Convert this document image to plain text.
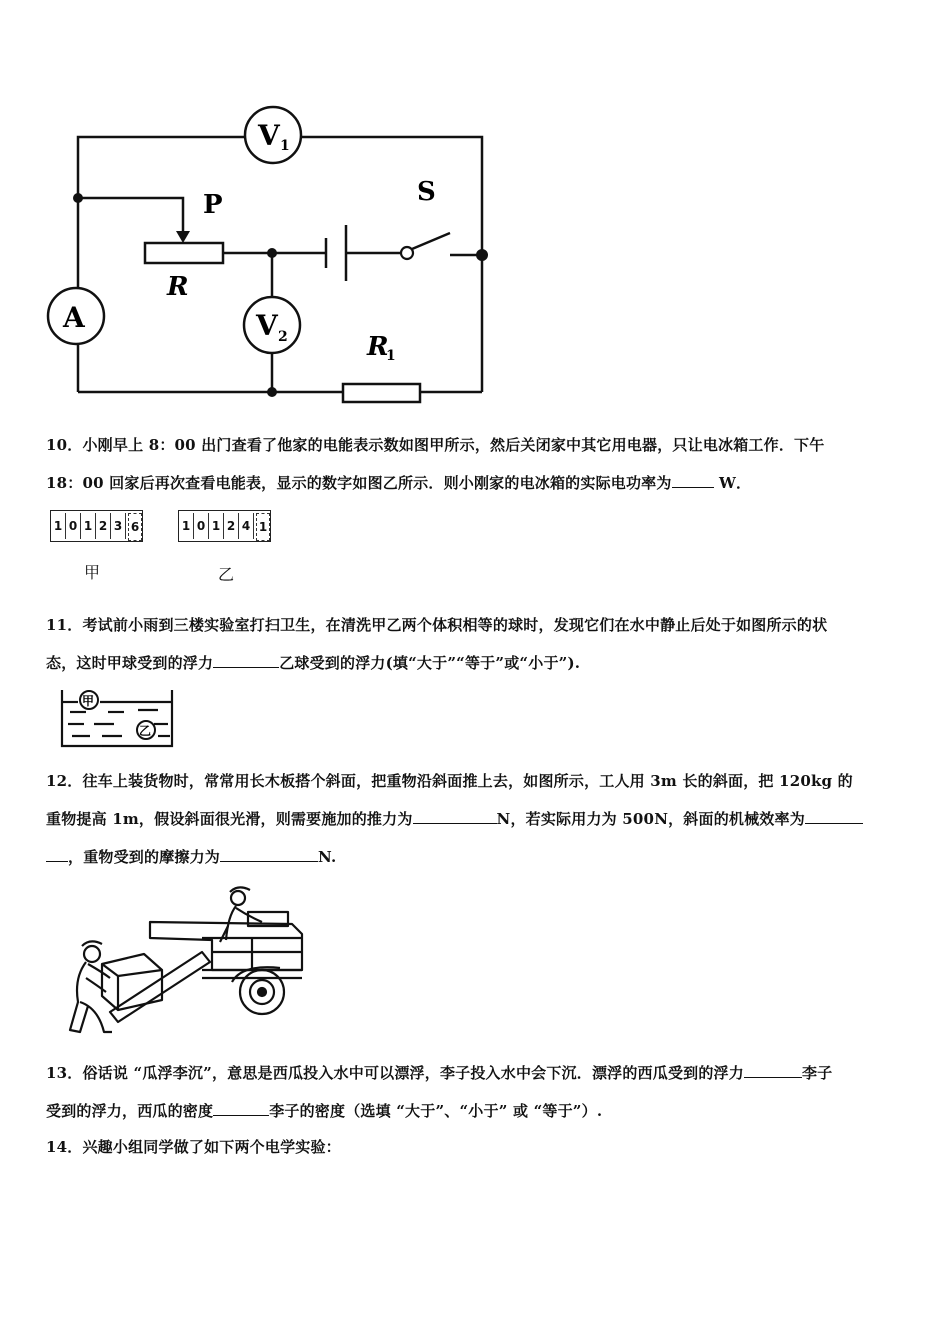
V 1
A	V 2
P
R
S
R
1
10．小刚早上 8：00 出门查看了他家的电能表示数如图甲所示，然后关闭家中其它用电器，只让电冰箱工作．下午
18：00 回家后再次查看电能表，显示的数字如图乙所示．则小刚家的电冰箱的实际电功率为	W．
1 0 1 2 3 6	1 0 1 2 4 1
甲	乙
11．考试前小雨到三楼实验室打扫卫生，在清洗甲乙两个体积相等的球时，发现它们在水中静止后处于如图所示的状
态，这时甲球受到的浮力	乙球受到的浮力(填“大于”“等于”或“小于”).
甲
乙
12．往车上装货物时，常常用长木板搭个斜面，把重物沿斜面推上去，如图所示，工人用 3m 长的斜面，把 120kg 的
重物提高 1m，假设斜面很光滑，则需要施加的推力为	N，若实际用力为 500N，斜面的机械效率为
，重物受到的摩擦力为	N.
13．俗话说 “瓜浮李沉”，意思是西瓜投入水中可以漂浮，李子投入水中会下沉．漂浮的西瓜受到的浮力	李子
受到的浮力，西瓜的密度	李子的密度（选填 “大于”、“小于” 或 “等于”）.
14．兴趣小组同学做了如下两个电学实验：
